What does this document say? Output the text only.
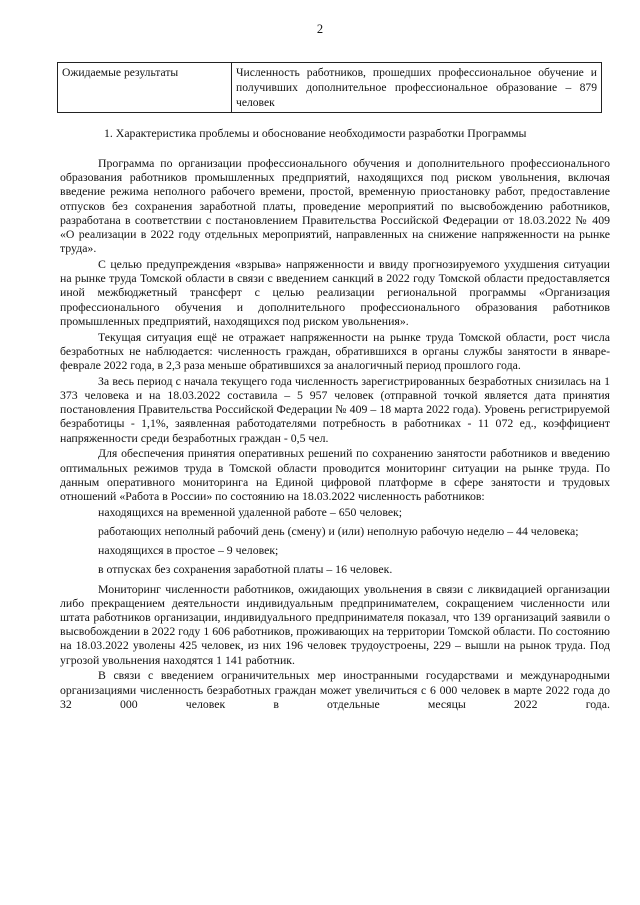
2
Ожидаемые результаты	Численность работников, прошедших профессиональное обучение и получивших дополнительное профессиональное образование – 879 человек
1. Характеристика проблемы и обоснование необходимости разработки Программы

Программа по организации профессионального обучения и дополнительного профессионального образования работников промышленных предприятий, находящихся под риском увольнения, включая введение режима неполного рабочего времени, простой, временную приостановку работ, предоставление отпусков без сохранения заработной платы, проведение мероприятий по высвобождению работников, разработана в соответствии с постановлением Правительства Российской Федерации от 18.03.2022 № 409 «О реализации в 2022 году отдельных мероприятий, направленных на снижение напряженности на рынке труда».

С целью предупреждения «взрыва» напряженности и ввиду прогнозируемого ухудшения ситуации на рынке труда Томской области в связи с введением санкций в 2022 году Томской области предоставляется иной межбюджетный трансферт с целью реализации региональной программы «Организация профессионального обучения и дополнительного профессионального образования работников промышленных предприятий, находящихся под риском увольнения».

Текущая ситуация ещё не отражает напряженности на рынке труда Томской области, рост числа безработных не наблюдается: численность граждан, обратившихся в органы службы занятости в январе-феврале 2022 года, в 2,3 раза меньше обратившихся за аналогичный период прошлого года.

За весь период с начала текущего года численность зарегистрированных безработных снизилась на 1 373 человека и на 18.03.2022 составила – 5 957 человек (отправной точкой является дата принятия постановления Правительства Российской Федерации № 409 – 18 марта 2022 года). Уровень регистрируемой безработицы - 1,1%, заявленная работодателями потребность в работниках - 11 072 ед., коэффициент напряженности среди безработных граждан - 0,5 чел.

Для обеспечения принятия оперативных решений по сохранению занятости работников и введению оптимальных режимов труда в Томской области проводится мониторинг ситуации на рынке труда. По данным оперативного мониторинга на Единой цифровой платформе в сфере занятости и трудовых отношений «Работа в России» по состоянию на 18.03.2022 численность работников:

находящихся на временной удаленной работе – 650 человек;

работающих неполный рабочий день (смену) и (или) неполную рабочую неделю – 44 человека;

находящихся в простое – 9 человек;

в отпусках без сохранения заработной платы – 16 человек.

Мониторинг численности работников, ожидающих увольнения в связи с ликвидацией организации либо прекращением деятельности индивидуальным предпринимателем, сокращением численности или штата работников организации, индивидуального предпринимателя показал, что 139 организаций заявили о высвобождении в 2022 году 1 606 работников, проживающих на территории Томской области. По состоянию на 18.03.2022 уволены 425 человек, из них 196 человек трудоустроены, 229 – вышли на рынок труда. Под угрозой увольнения находятся 1 141 работник.

В связи с введением ограничительных мер иностранными государствами и международными организациями численность безработных граждан может увеличиться с 6 000 человек в марте 2022 года до 32 000 человек в отдельные месяцы 2022 года.
